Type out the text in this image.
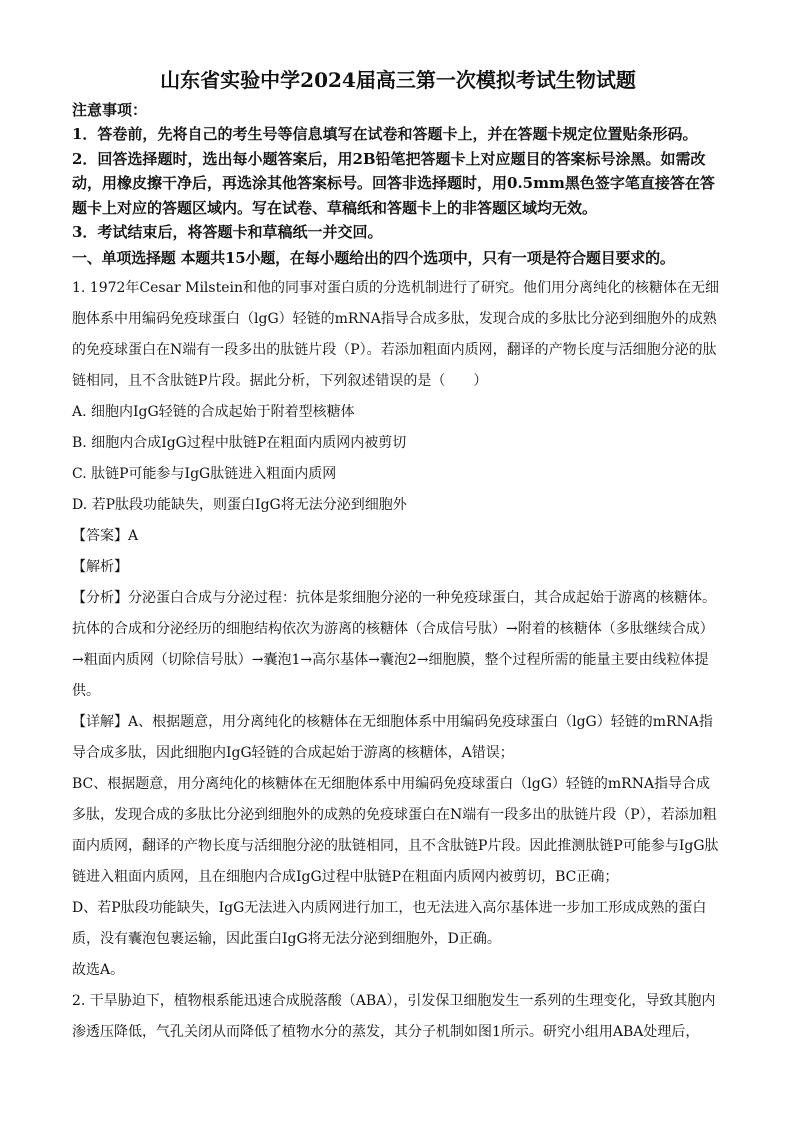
山东省实验中学2024届高三第一次模拟考试生物试题

注意事项：

1．答卷前，先将自己的考生号等信息填写在试卷和答题卡上，并在答题卡规定位置贴条形码。

2．回答选择题时，选出每小题答案后，用2B铅笔把答题卡上对应题目的答案标号涂黑。如需改动，用橡皮擦干净后，再选涂其他答案标号。回答非选择题时，用0.5mm黑色签字笔直接答在答题卡上对应的答题区域内。写在试卷、草稿纸和答题卡上的非答题区域均无效。

3．考试结束后，将答题卡和草稿纸一并交回。

一、单项选择题 本题共15小题，在每小题给出的四个选项中，只有一项是符合题目要求的。

1. 1972年Cesar Milstein和他的同事对蛋白质的分选机制进行了研究。他们用分离纯化的核糖体在无细胞体系中用编码免疫球蛋白（lgG）轻链的mRNA指导合成多肽，发现合成的多肽比分泌到细胞外的成熟的免疫球蛋白在N端有一段多出的肽链片段（P）。若添加粗面内质网，翻译的产物长度与活细胞分泌的肽链相同，且不含肽链P片段。据此分析，下列叙述错误的是（　　）

A. 细胞内IgG轻链的合成起始于附着型核糖体

B. 细胞内合成IgG过程中肽链P在粗面内质网内被剪切

C. 肽链P可能参与IgG肽链进入粗面内质网

D. 若P肽段功能缺失，则蛋白IgG将无法分泌到细胞外

【答案】A

【解析】

【分析】分泌蛋白合成与分泌过程：抗体是浆细胞分泌的一种免疫球蛋白，其合成起始于游离的核糖体。抗体的合成和分泌经历的细胞结构依次为游离的核糖体（合成信号肽）→附着的核糖体（多肽继续合成）→粗面内质网（切除信号肽）→囊泡1→高尔基体→囊泡2→细胞膜，整个过程所需的能量主要由线粒体提供。

【详解】A、根据题意，用分离纯化的核糖体在无细胞体系中用编码免疫球蛋白（lgG）轻链的mRNA指导合成多肽，因此细胞内IgG轻链的合成起始于游离的核糖体，A错误；

BC、根据题意，用分离纯化的核糖体在无细胞体系中用编码免疫球蛋白（lgG）轻链的mRNA指导合成多肽，发现合成的多肽比分泌到细胞外的成熟的免疫球蛋白在N端有一段多出的肽链片段（P），若添加粗面内质网，翻译的产物长度与活细胞分泌的肽链相同，且不含肽链P片段。因此推测肽链P可能参与IgG肽链进入粗面内质网，且在细胞内合成IgG过程中肽链P在粗面内质网内被剪切，BC正确；

D、若P肽段功能缺失，IgG无法进入内质网进行加工，也无法进入高尔基体进一步加工形成成熟的蛋白质，没有囊泡包裹运输，因此蛋白IgG将无法分泌到细胞外，D正确。

故选A。

2. 干旱胁迫下，植物根系能迅速合成脱落酸（ABA），引发保卫细胞发生一系列的生理变化，导致其胞内渗透压降低，气孔关闭从而降低了植物水分的蒸发，其分子机制如图1所示。研究小组用ABA处理后，
